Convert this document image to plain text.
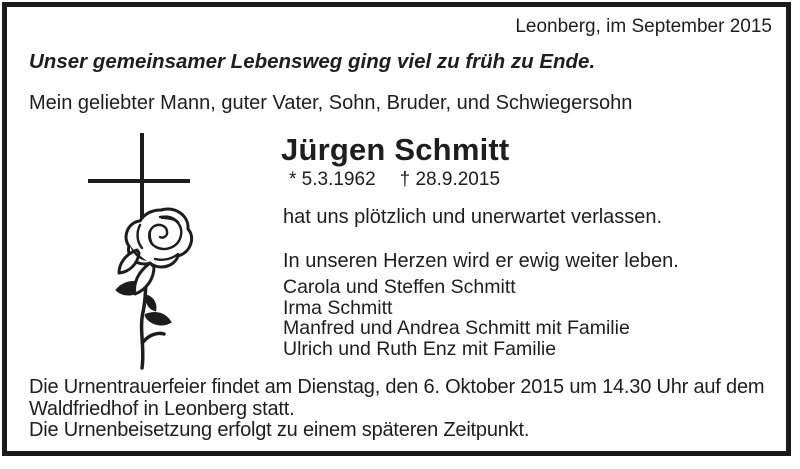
Leonberg, im September 2015
Unser gemeinsamer Lebensweg ging viel zu früh zu Ende.
Mein geliebter Mann, guter Vater, Sohn, Bruder, und Schwiegersohn
Jürgen Schmitt
* 5.3.1962 † 28.9.2015
hat uns plötzlich und unerwartet verlassen.
In unseren Herzen wird er ewig weiter leben.
Carola und Steffen Schmitt
Irma Schmitt
Manfred und Andrea Schmitt mit Familie
Ulrich und Ruth Enz mit Familie

Die Urnentrauerfeier findet am Dienstag, den 6. Oktober 2015 um 14.30 Uhr auf dem Waldfriedhof in Leonberg statt.

Die Urnenbeisetzung erfolgt zu einem späteren Zeitpunkt.
